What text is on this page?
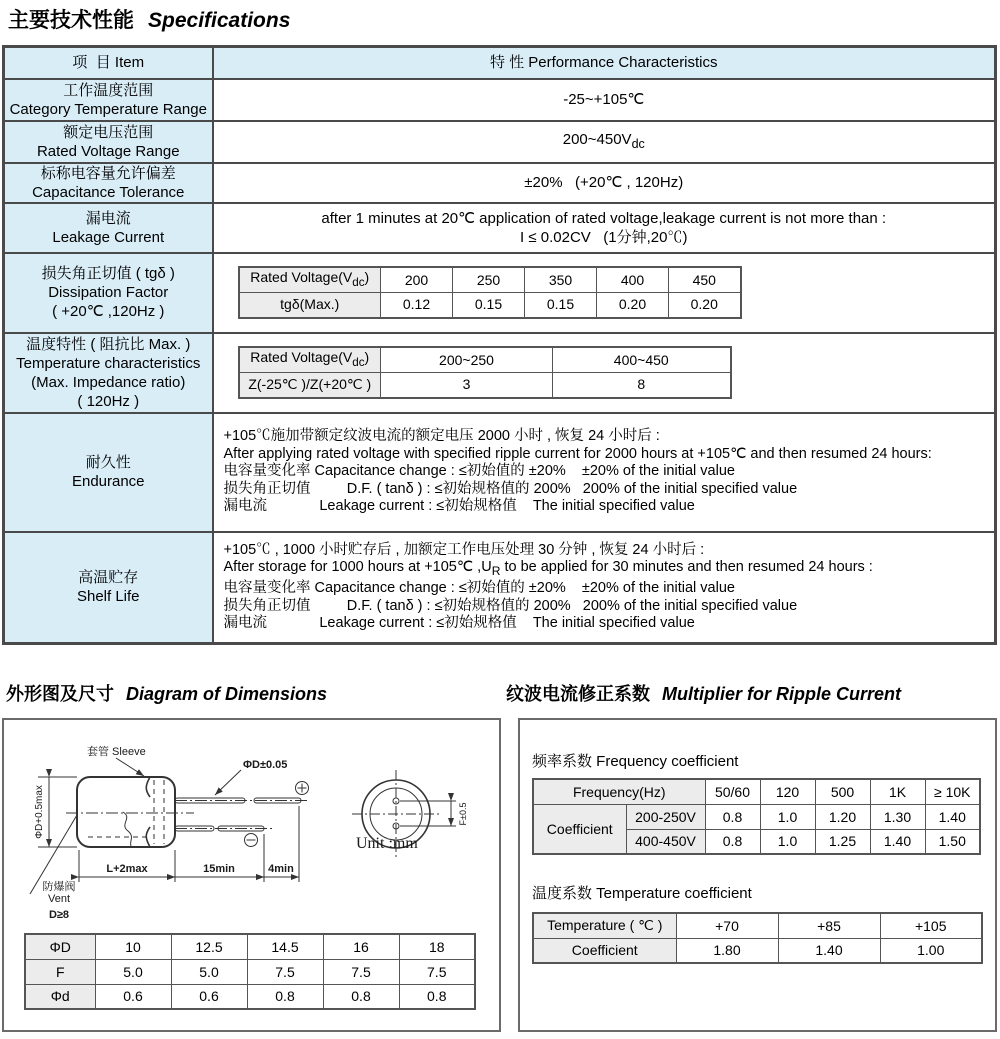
主要技术性能 Specifications
项  目 Item	特 性 Performance Characteristics

工作温度范围
Category Temperature Range
	-25~+105℃

额定电压范围
Rated Voltage Range
	$200\sim 450V_{dc}$

标称电容量允许偏差
Capacitance Tolerance
	±20%   (+20℃ , 120Hz)

漏电流
Leakage Current

after 1 minutes at 20℃ application of rated voltage,leakage current is not more than :
I ≤ 0.02CV   (1分钟,20℃)

损失角正切值 ( tgδ )
Dissipation Factor
( +20℃ ,120Hz )

Rated $Voltage(V_{dc})$	200	250	350	400	450
tgδ(Max.)	0.12	0.15	0.15	0.20	0.20

温度特性 ( 阻抗比 Max. )
Temperature characteristics
(Max. Impedance ratio)
( 120Hz )

Rated $Voltage(V_{dc})$	200~250	400~450
Z(-25℃ )/Z(+20℃ )	3	8

耐久性
Endurance

+105℃施加带额定纹波电流的额定电压 2000 小时 , 恢复 24 小时后 :
After applying rated voltage with specified ripple current for 2000 hours at +105℃ and then resumed 24 hours:
电容量变化率 Capacitance change : ≤初始值的 ±20%    ±20% of the initial value
损失角正切值         D.F. ( tanδ ) : ≤初始规格值的 200%   200% of the initial specified value
漏电流             Leakage current : ≤初始规格值    The initial specified value

高温贮存
Shelf Life

+105℃ , 1000 小时贮存后 , 加额定工作电压处理 30 分钟 , 恢复 24 小时后 :
After storage for 1000 hours at +105℃ $,U_R$ to be applied for 30 minutes and then resumed 24 hours :
电容量变化率 Capacitance change : ≤初始值的 ±20%    ±20% of the initial value
损失角正切值         D.F. ( tanδ ) : ≤初始规格值的 200%   200% of the initial specified value
漏电流             Leakage current : ≤初始规格值    The initial specified value
外形图及尺寸 Diagram of Dimensions	纹波电流修正系数 Multiplier for Ripple Current
套管 Sleeve
ΦD±0.05
ΦD+0.5max
L+2max	15min	4min
防爆阀
Vent
D≥8
F±0.5
Unit :mm
ΦD	10	12.5	14.5	16	18
F	5.0	5.0	7.5	7.5	7.5
Φd	0.6	0.6	0.8	0.8	0.8
频率系数 Frequency coefficient
Frequency(Hz)		50/60	120	500	1K	≥ 10K
Coefficient	200-250V	0.8	1.0	1.20	1.30	1.40
	400-450V	0.8	1.0	1.25	1.40	1.50
温度系数 Temperature coefficient
Temperature ( ℃ )	+70	+85	+105
Coefficient	1.80	1.40	1.00
